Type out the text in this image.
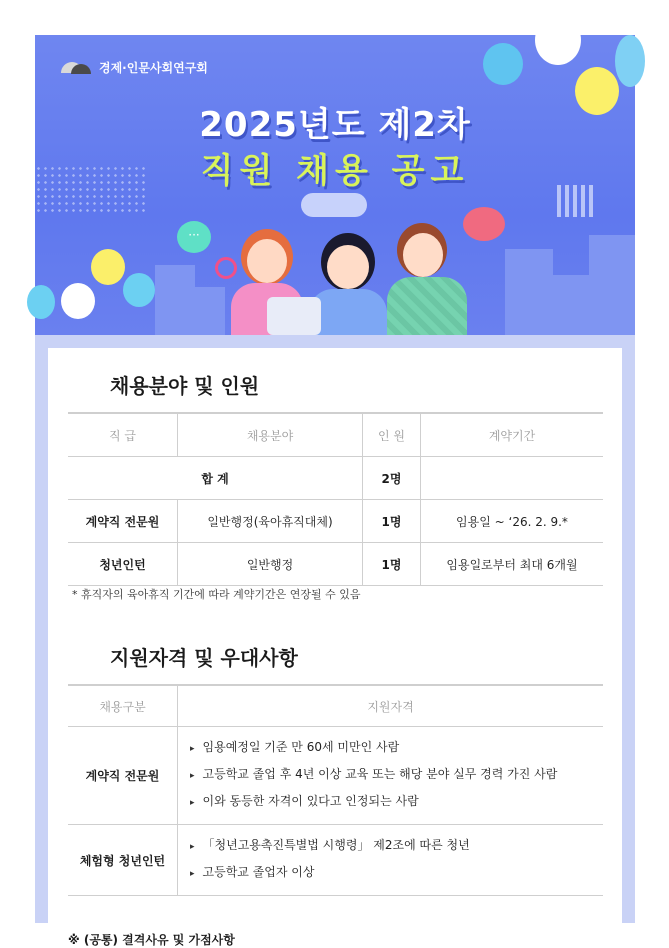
···
경제·인문사회연구회
2025년도 제2차
직원 채용 공고
채용분야 및 인원
직 급	채용분야	인 원	계약기간
합 계		2명	
계약직 전문원	일반행정(육아휴직대체)	1명	임용일 ~ ‘26. 2. 9.*
청년인턴	일반행정	1명	임용일로부터 최대 6개월
* 휴직자의 육아휴직 기간에 따라 계약기간은 연장될 수 있음
지원자격 및 우대사항
채용구분	지원자격
계약직 전문원	▸ 임용예정일 기준 만 60세 미만인 사람
▸ 고등학교 졸업 후 4년 이상 교육 또는 해당 분야 실무 경력 가진 사람
▸ 이와 동등한 자격이 있다고 인정되는 사람

체험형 청년인턴	▸ 「청년고용촉진특별법 시행령」 제2조에 따른 청년
▸ 고등학교 졸업자 이상
※ (공통) 결격사유 및 가점사항
